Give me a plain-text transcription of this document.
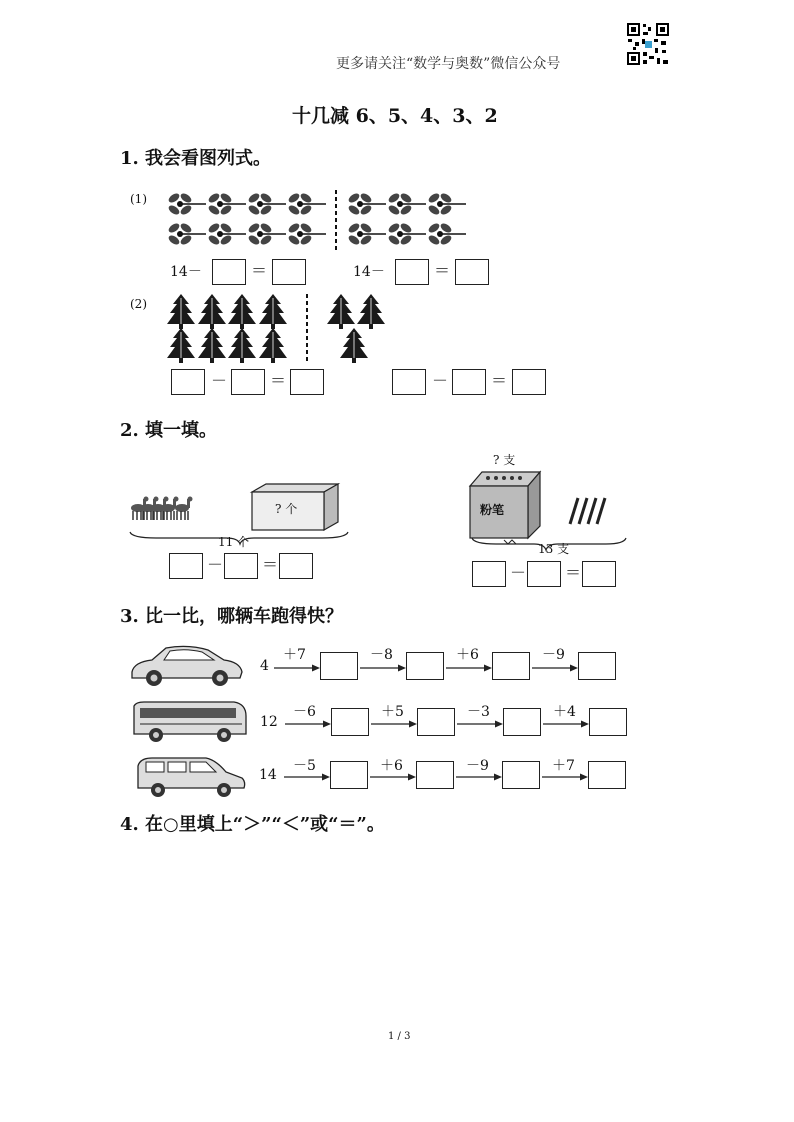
更多请关注“数学与奥数”微信公众号
十几减 6、5、4、3、2
1. 我会看图列式。
(1)
14－	＝	14－	＝
(2)
－	＝	－	＝
2. 填一填。
? 个
11 个
－ ＝
? 支
粉笔
13 支
－ ＝
3. 比一比，哪辆车跑得快？
4
＋7	－8	＋6	－9
12
－6	＋5	－3	＋4
14
－5	＋6	－9	＋7
4. 在○里填上“＞”“＜”或“＝”。
1 / 3
